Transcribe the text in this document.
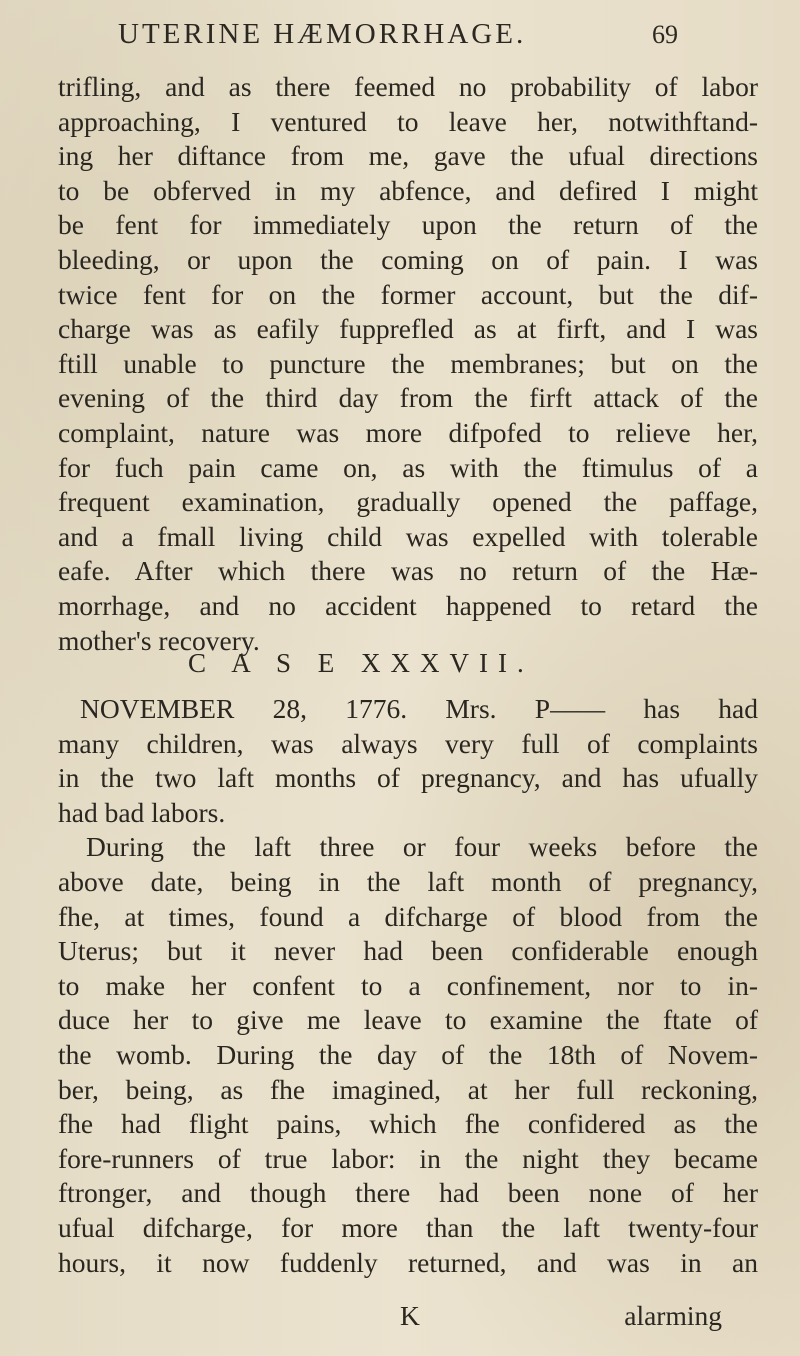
UTERINE HÆMORRHAGE.	69
trifling, and as there feemed no probability of labor
approaching, I ventured to leave her, notwithftand-
ing her diftance from me, gave the ufual directions
to be obferved in my abfence, and defired I might
be fent for immediately upon the return of the
bleeding, or upon the coming on of pain. I was
twice fent for on the former account, but the dif-
charge was as eafily fupprefled as at firft, and I was
ftill unable to puncture the membranes; but on the
evening of the third day from the firft attack of the
complaint, nature was more difpofed to relieve her,
for fuch pain came on, as with the ftimulus of a
frequent examination, gradually opened the paffage,
and a fmall living child was expelled with tolerable
eafe. After which there was no return of the Hæ-
morrhage, and no accident happened to retard the
mother's recovery.
C A S E XXXVII.
NOVEMBER 28, 1776. Mrs. P—— has had
many children, was always very full of complaints
in the two laft months of pregnancy, and has ufually
had bad labors.
During the laft three or four weeks before the
above date, being in the laft month of pregnancy,
fhe, at times, found a difcharge of blood from the
Uterus; but it never had been confiderable enough
to make her confent to a confinement, nor to in-
duce her to give me leave to examine the ftate of
the womb. During the day of the 18th of Novem-
ber, being, as fhe imagined, at her full reckoning,
fhe had flight pains, which fhe confidered as the
fore-runners of true labor: in the night they became
ftronger, and though there had been none of her
ufual difcharge, for more than the laft twenty-four
hours, it now fuddenly returned, and was in an
K	alarming
